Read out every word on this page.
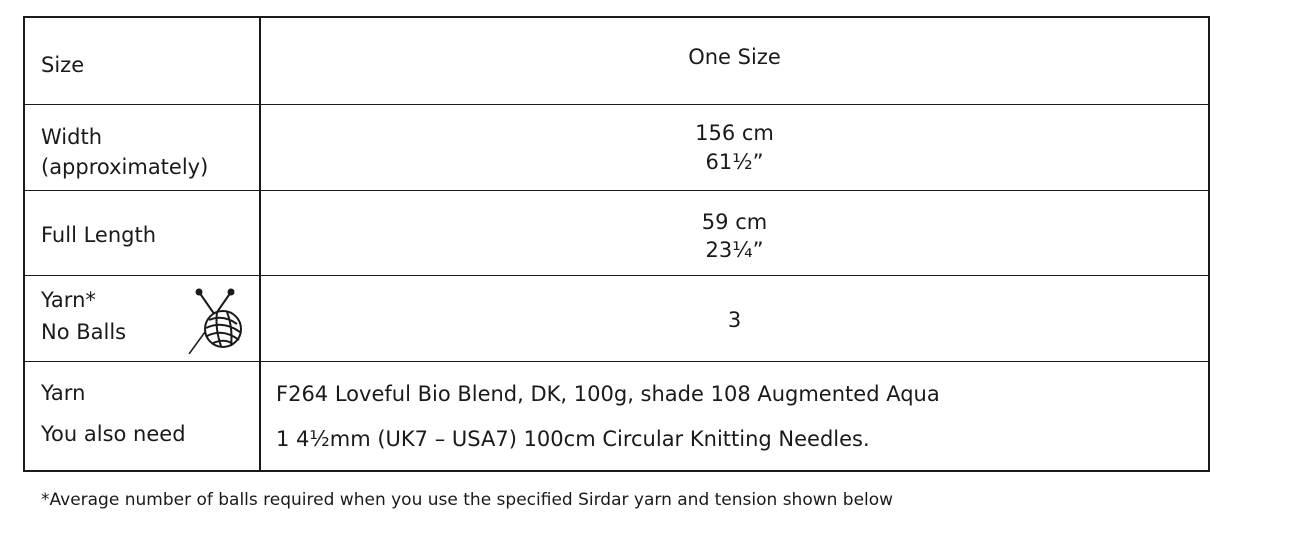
Size	One Size
Width
(approximately)
156 cm
61½”
Full Length
59 cm
23¼”
Yarn*
No Balls	3
Yarn
You also need
F264 Loveful Bio Blend, DK, 100g, shade 108 Augmented Aqua
1 4½mm (UK7 – USA7) 100cm Circular Knitting Needles.
*Average number of balls required when you use the specified Sirdar yarn and tension shown below
